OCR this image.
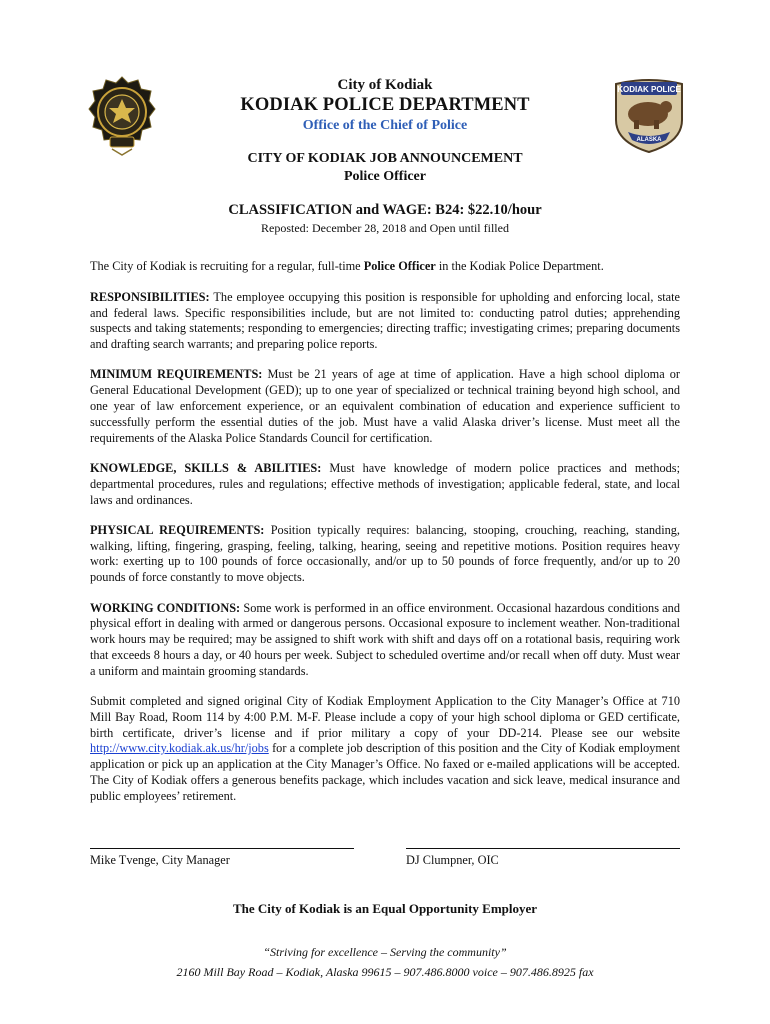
KODIAK POLICE
ALASKA
City of Kodiak
KODIAK POLICE DEPARTMENT
Office of the Chief of Police
CITY OF KODIAK JOB ANNOUNCEMENT
Police Officer
CLASSIFICATION and WAGE: B24: $22.10/hour
Reposted: December 28, 2018 and Open until filled

The City of Kodiak is recruiting for a regular, full-time Police Officer in the Kodiak Police Department.

RESPONSIBILITIES: The employee occupying this position is responsible for upholding and enforcing local, state and federal laws. Specific responsibilities include, but are not limited to: conducting patrol duties; apprehending suspects and taking statements; responding to emergencies; directing traffic; investigating crimes; preparing documents and drafting search warrants; and preparing police reports.

MINIMUM REQUIREMENTS: Must be 21 years of age at time of application. Have a high school diploma or General Educational Development (GED); up to one year of specialized or technical training beyond high school, and one year of law enforcement experience, or an equivalent combination of education and experience sufficient to successfully perform the essential duties of the job. Must have a valid Alaska driver’s license. Must meet all the requirements of the Alaska Police Standards Council for certification.

KNOWLEDGE, SKILLS & ABILITIES: Must have knowledge of modern police practices and methods; departmental procedures, rules and regulations; effective methods of investigation; applicable federal, state, and local laws and ordinances.

PHYSICAL REQUIREMENTS: Position typically requires: balancing, stooping, crouching, reaching, standing, walking, lifting, fingering, grasping, feeling, talking, hearing, seeing and repetitive motions. Position requires heavy work: exerting up to 100 pounds of force occasionally, and/or up to 50 pounds of force frequently, and/or up to 20 pounds of force constantly to move objects.

WORKING CONDITIONS: Some work is performed in an office environment. Occasional hazardous conditions and physical effort in dealing with armed or dangerous persons. Occasional exposure to inclement weather. Non-traditional work hours may be required; may be assigned to shift work with shift and days off on a rotational basis, requiring work that exceeds 8 hours a day, or 40 hours per week. Subject to scheduled overtime and/or recall when off duty. Must wear a uniform and maintain grooming standards.

Submit completed and signed original City of Kodiak Employment Application to the City Manager’s Office at 710 Mill Bay Road, Room 114 by 4:00 P.M. M-F. Please include a copy of your high school diploma or GED certificate, birth certificate, driver’s license and if prior military a copy of your DD-214. Please see our website http://www.city.kodiak.ak.us/hr/jobs for a complete job description of this position and the City of Kodiak employment application or pick up an application at the City Manager’s Office. No faxed or e-mailed applications will be accepted. The City of Kodiak offers a generous benefits package, which includes vacation and sick leave, medical insurance and public employees’ retirement.

Mike Tvenge, City Manager	DJ Clumpner, OIC
The City of Kodiak is an Equal Opportunity Employer
“Striving for excellence – Serving the community”
2160 Mill Bay Road – Kodiak, Alaska 99615 – 907.486.8000 voice – 907.486.8925 fax
